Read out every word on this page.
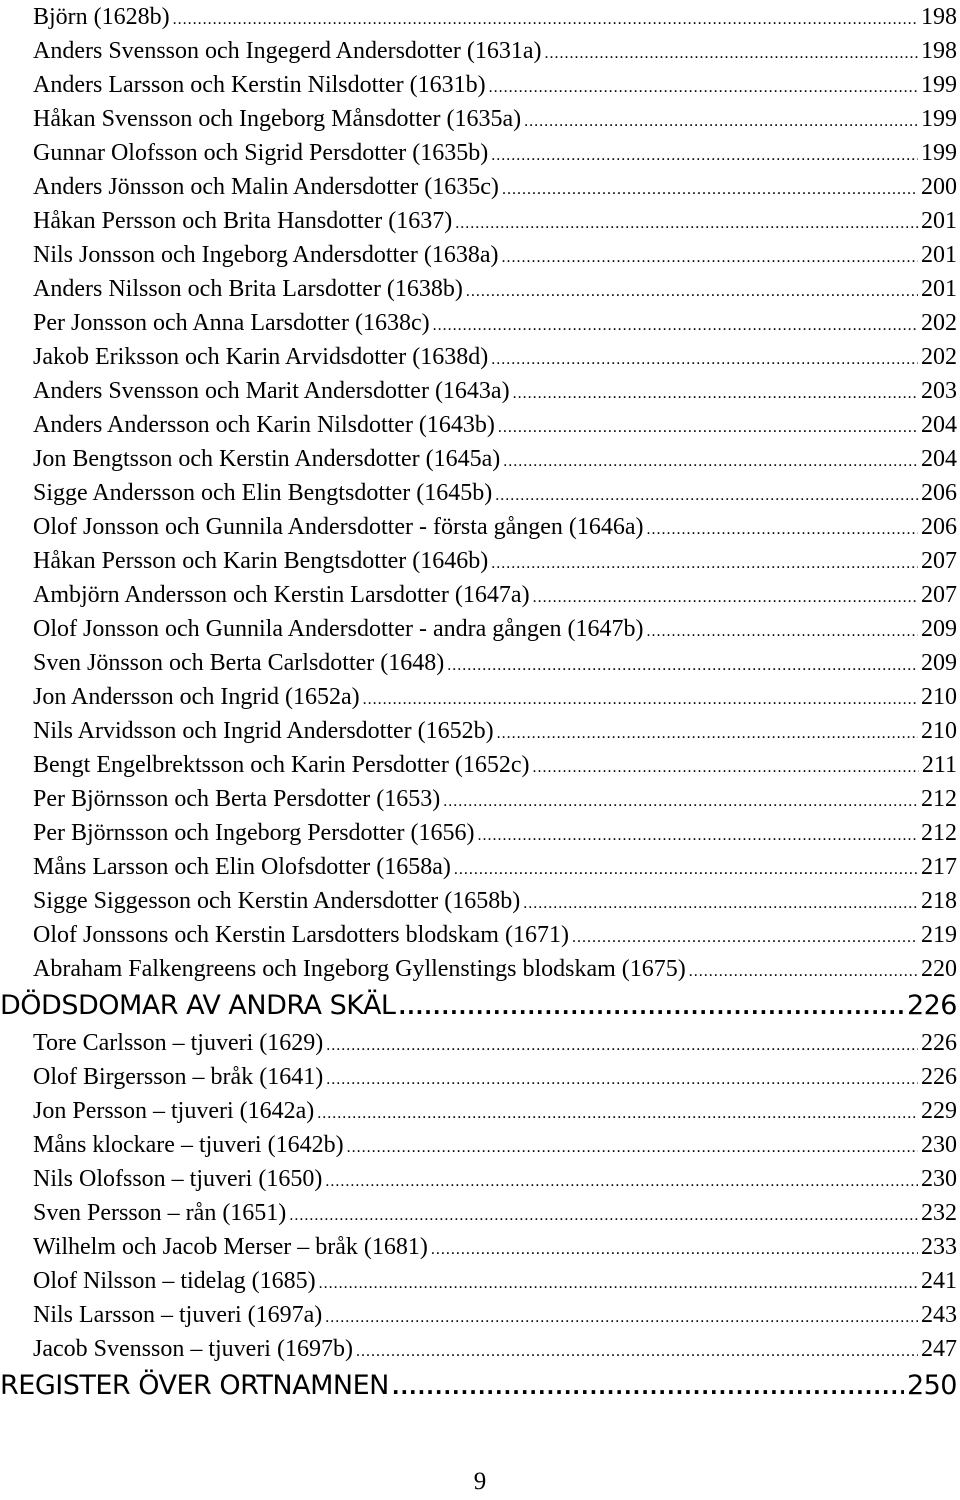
Björn (1628b) .....	198
Anders Svensson och Ingegerd Andersdotter (1631a) .....	198
Anders Larsson och Kerstin Nilsdotter (1631b) .....	199
Håkan Svensson och Ingeborg Månsdotter (1635a) .....	199
Gunnar Olofsson och Sigrid Persdotter (1635b) .....	199
Anders Jönsson och Malin Andersdotter (1635c) .....	200
Håkan Persson och Brita Hansdotter (1637) .....	201
Nils Jonsson och Ingeborg Andersdotter (1638a) .....	201
Anders Nilsson och Brita Larsdotter (1638b) .....	201
Per Jonsson och Anna Larsdotter (1638c) .....	202
Jakob Eriksson och Karin Arvidsdotter (1638d) .....	202
Anders Svensson och Marit Andersdotter (1643a) .....	203
Anders Andersson och Karin Nilsdotter (1643b) .....	204
Jon Bengtsson och Kerstin Andersdotter (1645a) .....	204
Sigge Andersson och Elin Bengtsdotter (1645b) .....	206
Olof Jonsson och Gunnila Andersdotter - första gången (1646a) .....	206
Håkan Persson och Karin Bengtsdotter (1646b) .....	207
Ambjörn Andersson och Kerstin Larsdotter (1647a) .....	207
Olof Jonsson och Gunnila Andersdotter - andra gången (1647b) .....	209
Sven Jönsson och Berta Carlsdotter (1648) .....	209
Jon Andersson och Ingrid (1652a) .....	210
Nils Arvidsson och Ingrid Andersdotter (1652b) .....	210
Bengt Engelbrektsson och Karin Persdotter (1652c) .....	211
Per Björnsson och Berta Persdotter (1653) .....	212
Per Björnsson och Ingeborg Persdotter (1656) .....	212
Måns Larsson och Elin Olofsdotter (1658a) .....	217
Sigge Siggesson och Kerstin Andersdotter (1658b) .....	218
Olof Jonssons och Kerstin Larsdotters blodskam (1671) .....	219
Abraham Falkengreens och Ingeborg Gyllenstings blodskam (1675) .....	220
DÖDSDOMAR AV ANDRA SKÄL .....	226
Tore Carlsson – tjuveri (1629) .....	226
Olof Birgersson – bråk (1641) .....	226
Jon Persson – tjuveri (1642a) .....	229
Måns klockare – tjuveri (1642b) .....	230
Nils Olofsson – tjuveri (1650) .....	230
Sven Persson – rån (1651) .....	232
Wilhelm och Jacob Merser – bråk (1681) .....	233
Olof Nilsson – tidelag (1685) .....	241
Nils Larsson – tjuveri (1697a) .....	243
Jacob Svensson – tjuveri (1697b) .....	247
REGISTER ÖVER ORTNAMNEN .....	250
9
